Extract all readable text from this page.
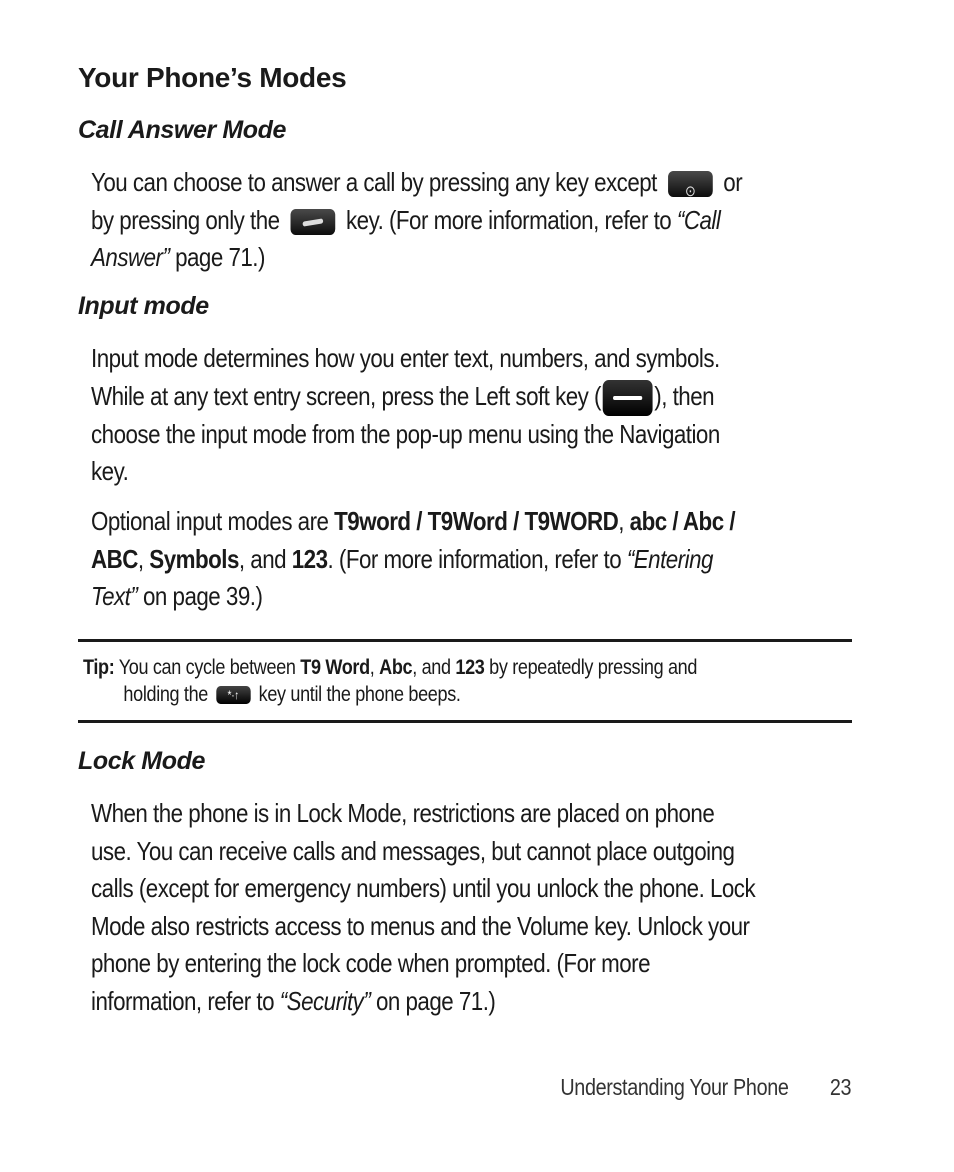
Your Phone’s Modes
Call Answer Mode
You can choose to answer a call by pressing any key except ⊙ or by pressing only the  key. (For more information, refer to “Call Answer” page 71.)
Input mode
Input mode determines how you enter text, numbers, and symbols. While at any text entry screen, press the Left soft key ( ), then choose the input mode from the pop-up menu using the Navigation key.
Optional input modes are T9word / T9Word / T9WORD, abc / Abc / ABC, Symbols, and 123. (For more information, refer to “Entering Text” on page 39.)
Tip: You can cycle between T9 Word, Abc, and 123 by repeatedly pressing and
holding the *·↑ key until the phone beeps.
Lock Mode
When the phone is in Lock Mode, restrictions are placed on phone use. You can receive calls and messages, but cannot place outgoing calls (except for emergency numbers) until you unlock the phone. Lock Mode also restricts access to menus and the Volume key. Unlock your phone by entering the lock code when prompted. (For more information, refer to “Security” on page 71.)
Understanding Your Phone 23
